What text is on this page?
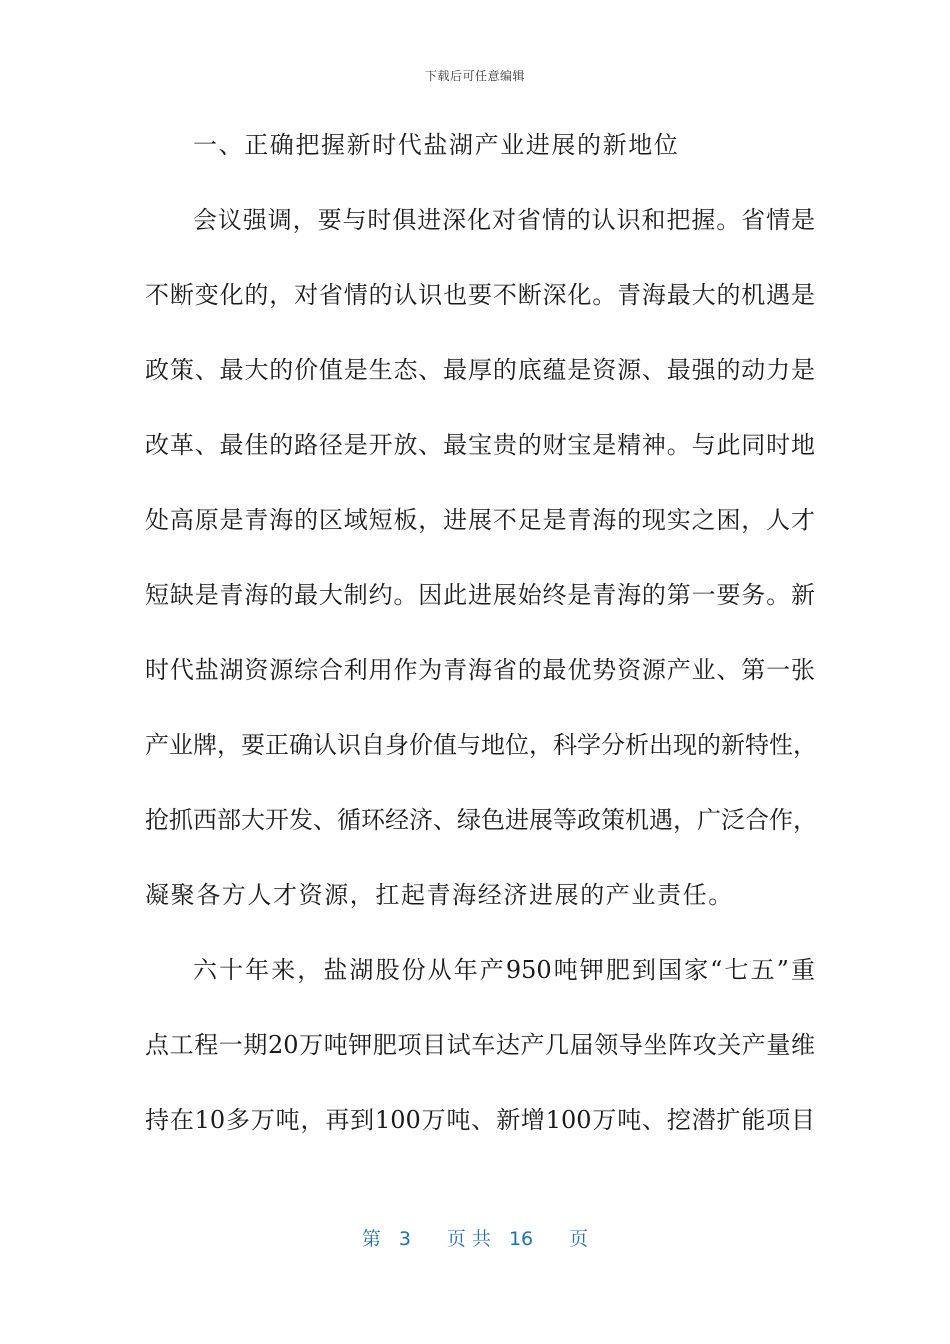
下载后可任意编辑
一、正确把握新时代盐湖产业进展的新地位
会议强调，要与时俱进深化对省情的认识和把握。省情是
不断变化的，对省情的认识也要不断深化。青海最大的机遇是
政策、最大的价值是生态、最厚的底蕴是资源、最强的动力是
改革、最佳的路径是开放、最宝贵的财宝是精神。与此同时地
处高原是青海的区域短板，进展不足是青海的现实之困，人才
短缺是青海的最大制约。因此进展始终是青海的第一要务。新
时代盐湖资源综合利用作为青海省的最优势资源产业、第一张
产业牌，要正确认识自身价值与地位，科学分析出现的新特性，
抢抓西部大开发、循环经济、绿色进展等政策机遇，广泛合作，
凝聚各方人才资源，扛起青海经济进展的产业责任。
六十年来，盐湖股份从年产950吨钾肥到国家“七五”重
点工程一期20万吨钾肥项目试车达产几届领导坐阵攻关产量维
持在10多万吨，再到100万吨、新增100万吨、挖潜扩能项目
第 3 页 共 16 页
